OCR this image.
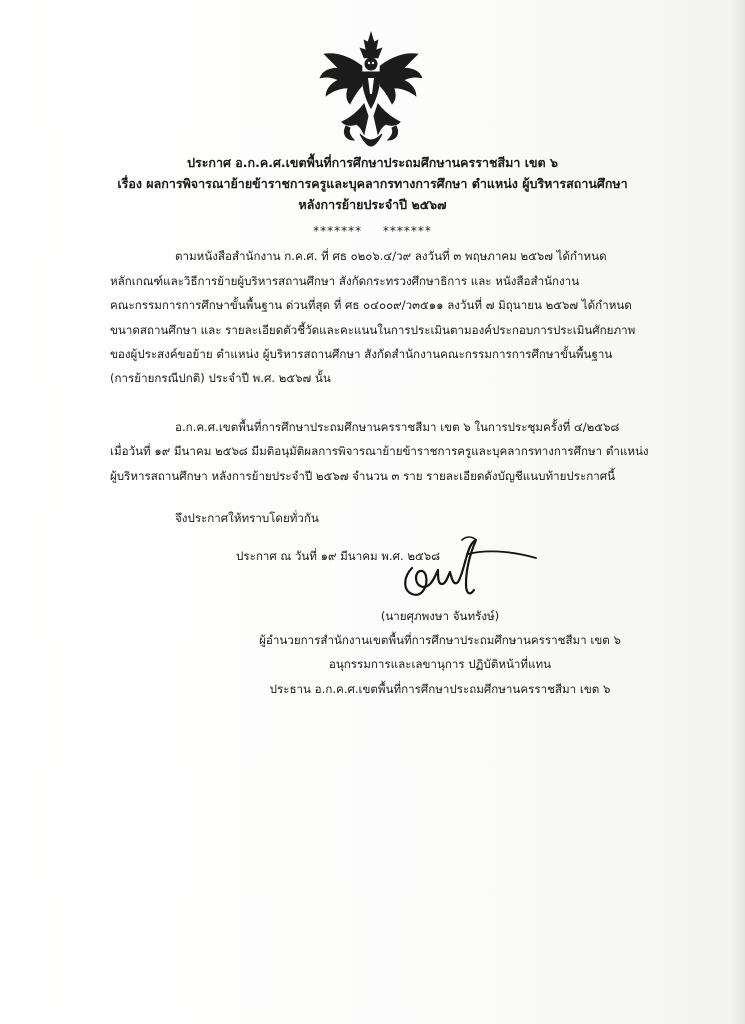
ประกาศ อ.ก.ค.ศ.เขตพื้นที่การศึกษาประถมศึกษานครราชสีมา เขต ๖
เรื่อง ผลการพิจารณาย้ายข้าราชการครูและบุคลากรทางการศึกษา ตำแหน่ง ผู้บริหารสถานศึกษา
หลังการย้ายประจำปี ๒๕๖๗
******* *******
ตามหนังสือสำนักงาน ก.ค.ศ. ที่ ศธ ๐๒๐๖.๔/ว๙ ลงวันที่ ๓ พฤษภาคม ๒๕๖๗ ได้กำหนด
หลักเกณฑ์และวิธีการย้ายผู้บริหารสถานศึกษา สังกัดกระทรวงศึกษาธิการ และ หนังสือสำนักงาน
คณะกรรมการการศึกษาขั้นพื้นฐาน ด่วนที่สุด ที่ ศธ ๐๔๐๐๙/ว๓๕๑๑ ลงวันที่ ๗ มิถุนายน ๒๕๖๗ ได้กำหนด
ขนาดสถานศึกษา และ รายละเอียดตัวชี้วัดและคะแนนในการประเมินตามองค์ประกอบการประเมินศักยภาพ
ของผู้ประสงค์ขอย้าย ตำแหน่ง ผู้บริหารสถานศึกษา สังกัดสำนักงานคณะกรรมการการศึกษาขั้นพื้นฐาน
(การย้ายกรณีปกติ) ประจำปี พ.ศ. ๒๕๖๗ นั้น
อ.ก.ค.ศ.เขตพื้นที่การศึกษาประถมศึกษานครราชสีมา เขต ๖ ในการประชุมครั้งที่ ๔/๒๕๖๘
เมื่อวันที่ ๑๙ มีนาคม ๒๕๖๘ มีมติอนุมัติผลการพิจารณาย้ายข้าราชการครูและบุคลากรทางการศึกษา ตำแหน่ง
ผู้บริหารสถานศึกษา หลังการย้ายประจำปี ๒๕๖๗ จำนวน ๓ ราย รายละเอียดดังบัญชีแนบท้ายประกาศนี้
จึงประกาศให้ทราบโดยทั่วกัน
ประกาศ ณ วันที่ ๑๙ มีนาคม พ.ศ. ๒๕๖๘
(นายศุภพงษา จันทรังษ์)
ผู้อำนวยการสำนักงานเขตพื้นที่การศึกษาประถมศึกษานครราชสีมา เขต ๖
อนุกรรมการและเลขานุการ ปฏิบัติหน้าที่แทน
ประธาน อ.ก.ค.ศ.เขตพื้นที่การศึกษาประถมศึกษานครราชสีมา เขต ๖
